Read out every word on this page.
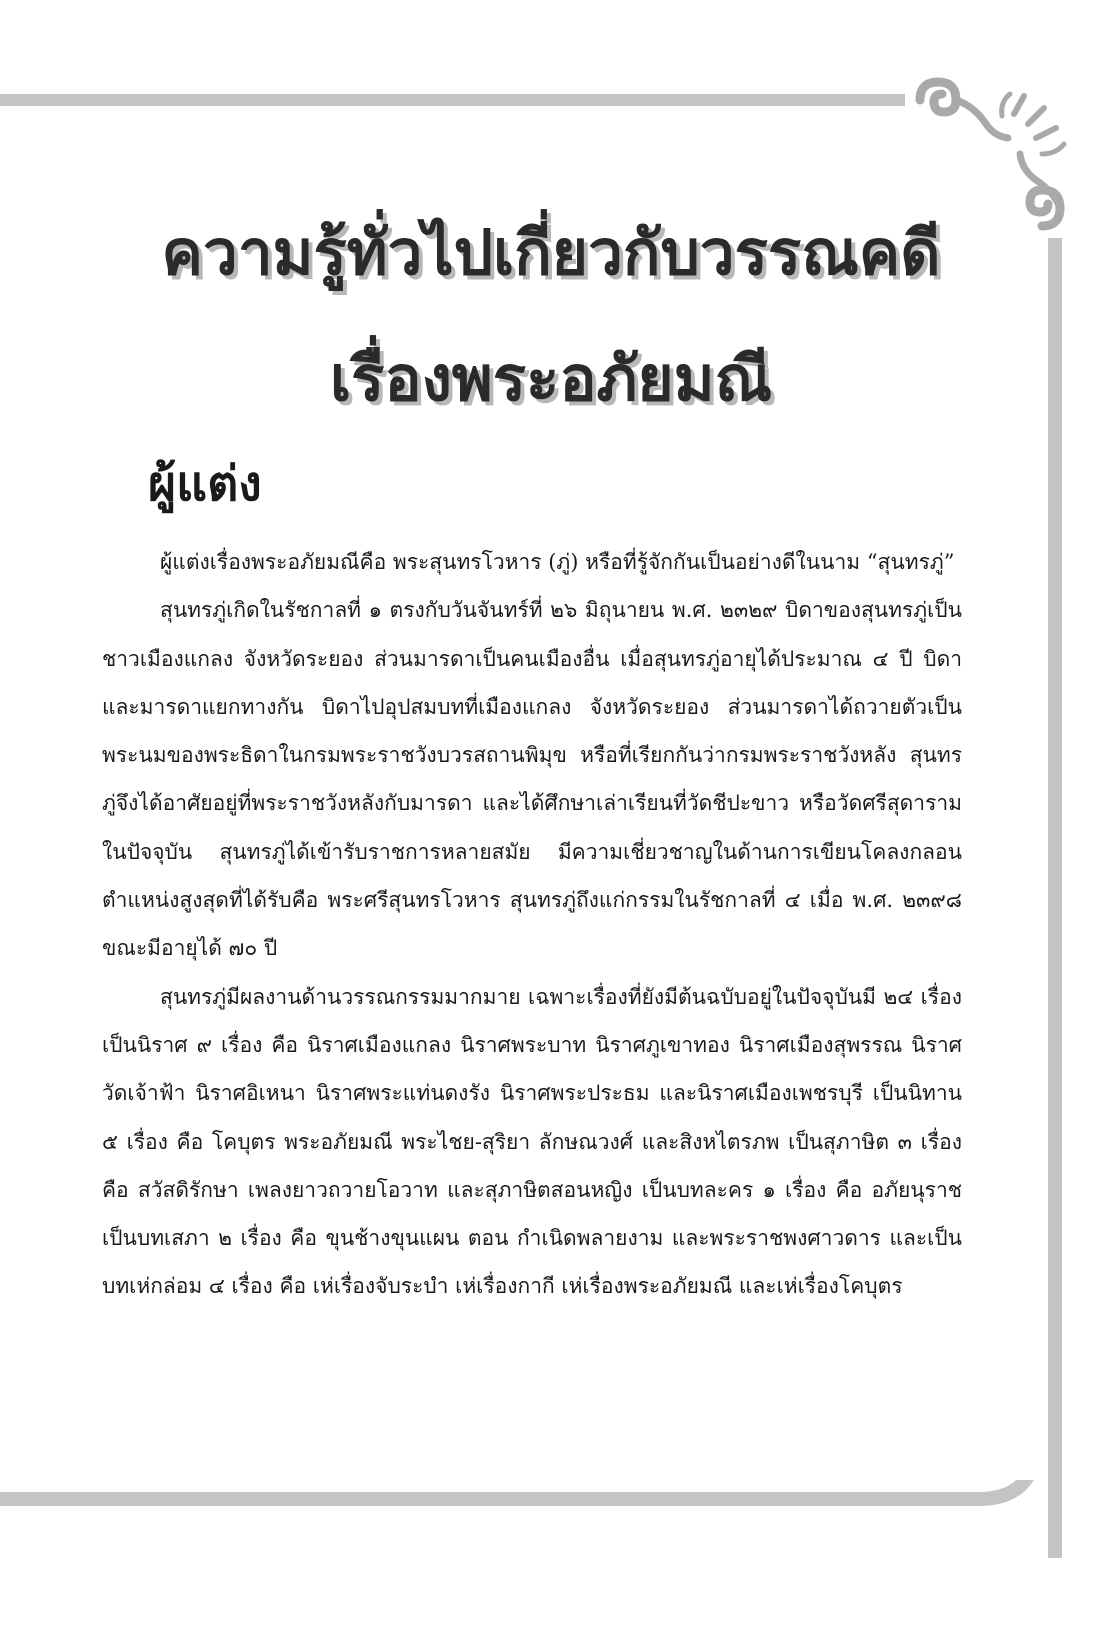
ความรู้ทั่วไปเกี่ยวกับวรรณคดี
เรื่องพระอภัยมณี
ผู้แต่ง

ผู้แต่งเรื่องพระอภัยมณีคือ พระสุนทรโวหาร (ภู่) หรือที่รู้จักกันเป็นอย่างดีในนาม “สุนทรภู่”

สุนทรภู่เกิดในรัชกาลที่ ๑ ตรงกับวันจันทร์ที่ ๒๖ มิถุนายน พ.ศ. ๒๓๒๙ บิดาของสุนทรภู่เป็นชาวเมืองแกลง จังหวัดระยอง ส่วนมารดาเป็นคนเมืองอื่น เมื่อสุนทรภู่อายุได้ประมาณ ๔ ปี บิดาและมารดาแยกทางกัน บิดาไปอุปสมบทที่เมืองแกลง จังหวัดระยอง ส่วนมารดาได้ถวายตัวเป็นพระนมของพระธิดาในกรมพระราชวังบวรสถานพิมุข หรือที่เรียกกันว่ากรมพระราชวังหลัง สุนทรภู่จึงได้อาศัยอยู่ที่พระราชวังหลังกับมารดา และได้ศึกษาเล่าเรียนที่วัดชีปะขาว หรือวัดศรีสุดารามในปัจจุบัน สุนทรภู่ได้เข้ารับราชการหลายสมัย มีความเชี่ยวชาญในด้านการเขียนโคลงกลอน ตำแหน่งสูงสุดที่ได้รับคือ พระศรีสุนทรโวหาร สุนทรภู่ถึงแก่กรรมในรัชกาลที่ ๔ เมื่อ พ.ศ. ๒๓๙๘ ขณะมีอายุได้ ๗๐ ปี

สุนทรภู่มีผลงานด้านวรรณกรรมมากมาย เฉพาะเรื่องที่ยังมีต้นฉบับอยู่ในปัจจุบันมี ๒๔ เรื่อง เป็นนิราศ ๙ เรื่อง คือ นิราศเมืองแกลง นิราศพระบาท นิราศภูเขาทอง นิราศเมืองสุพรรณ นิราศวัดเจ้าฟ้า นิราศอิเหนา นิราศพระแท่นดงรัง นิราศพระประธม และนิราศเมืองเพชรบุรี เป็นนิทาน ๕ เรื่อง คือ โคบุตร พระอภัยมณี พระไชย-สุริยา ลักษณวงศ์ และสิงหไตรภพ เป็นสุภาษิต ๓ เรื่อง คือ สวัสดิรักษา เพลงยาวถวายโอวาท และสุภาษิตสอนหญิง เป็นบทละคร ๑ เรื่อง คือ อภัยนุราช เป็นบทเสภา ๒ เรื่อง คือ ขุนช้างขุนแผน ตอน กำเนิดพลายงาม และพระราชพงศาวดาร และเป็นบทเห่กล่อม ๔ เรื่อง คือ เห่เรื่องจับระบำ เห่เรื่องกากี เห่เรื่องพระอภัยมณี และเห่เรื่องโคบุตร
